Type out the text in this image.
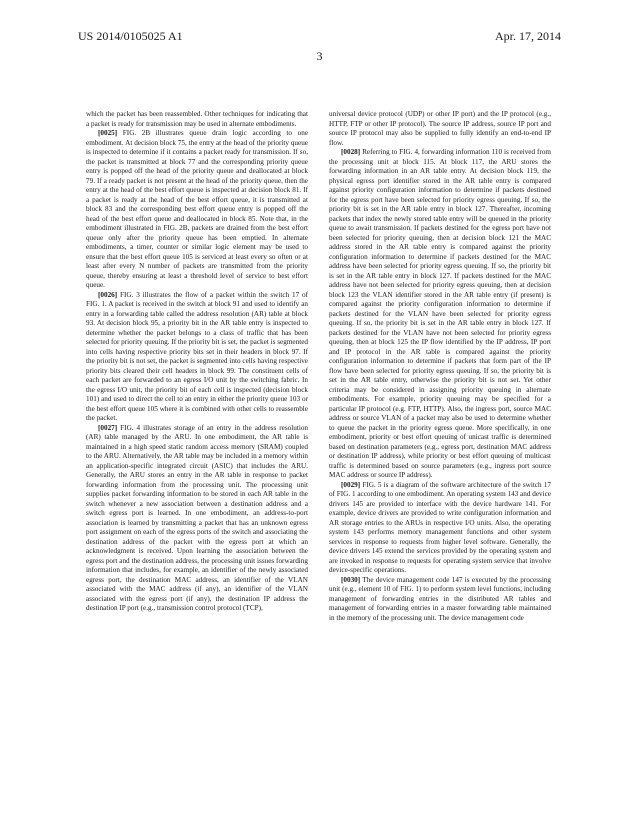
US 2014/0105025 A1	Apr. 17, 2014
3

which the packet has been reassembled. Other techniques for indicating that a packet is ready for transmission may be used in alternate embodiments.

[0025] FIG. 2B illustrates queue drain logic according to one embodiment. At decision block 75, the entry at the head of the priority queue is inspected to determine if it contains a packet ready for transmission. If so, the packet is transmitted at block 77 and the corresponding priority queue entry is popped off the head of the priority queue and deallocated at block 79. If a ready packet is not present at the head of the priority queue, then the entry at the head of the best effort queue is inspected at decision block 81. If a packet is ready at the head of the best effort queue, it is transmitted at block 83 and the corresponding best effort queue entry is popped off the head of the best effort queue and deallocated in block 85. Note that, in the embodiment illustrated in FIG. 2B, packets are drained from the best effort queue only after the priority queue has been emptied. In alternate embodiments, a timer, counter or similar logic element may be used to ensure that the best effort queue 105 is serviced at least every so often or at least after every N number of packets are transmitted from the priority queue, thereby ensuring at least a threshold level of service to best effort queue.

[0026] FIG. 3 illustrates the flow of a packet within the switch 17 of FIG. 1. A packet is received in the switch at block 91 and used to identify an entry in a forwarding table called the address resolution (AR) table at block 93. At decision block 95, a priority bit in the AR table entry is inspected to determine whether the packet belongs to a class of traffic that has been selected for priority queuing. If the priority bit is set, the packet is segmented into cells having respective priority bits set in their headers in block 97. If the priority bit is not set, the packet is segmented into cells having respective priority bits cleared their cell headers in block 99. The constituent cells of each packet are forwarded to an egress I/O unit by the switching fabric. In the egress I/O unit, the priority bit of each cell is inspected (decision block 101) and used to direct the cell to an entry in either the priority queue 103 or the best effort queue 105 where it is combined with other cells to reassemble the packet.

[0027] FIG. 4 illustrates storage of an entry in the address resolution (AR) table managed by the ARU. In one embodiment, the AR table is maintained in a high speed static random access memory (SRAM) coupled to the ARU. Alternatively, the AR table may be included in a memory within an application-specific integrated circuit (ASIC) that includes the ARU. Generally, the ARU stores an entry in the AR table in response to packet forwarding information from the processing unit. The processing unit supplies packet forwarding information to be stored in each AR table in the switch whenever a new association between a destination address and a switch egress port is learned. In one embodiment, an address-to-port association is learned by transmitting a packet that has an unknown egress port assignment on each of the egress ports of the switch and associating the destination address of the packet with the egress port at which an acknowledgment is received. Upon learning the association between the egress port and the destination address, the processing unit issues forwarding information that includes, for example, an identifier of the newly associated egress port, the destination MAC address, an identifier of the VLAN associated with the MAC address (if any), an identifier of the VLAN associated with the egress port (if any), the destination IP address the destination IP port (e.g., transmission control protocol (TCP),

universal device protocol (UDP) or other IP port) and the IP protocol (e.g., HTTP, FTP or other IP protocol). The source IP address, source IP port and source IP protocol may also be supplied to fully identify an end-to-end IP flow.

[0028] Referring to FIG. 4, forwarding information 110 is received from the processing unit at block 115. At block 117, the ARU stores the forwarding information in an AR table entry. At decision block 119, the physical egress port identifier stored in the AR table entry is compared against priority configuration information to determine if packets destined for the egress port have been selected for priority egress queuing. If so, the priority bit is set in the AR table entry in block 127. Thereafter, incoming packets that index the newly stored table entry will be queued in the priority queue to await transmission. If packets destined for the egress port have not been selected for priority queuing, then at decision block 121 the MAC address stored in the AR table entry is compared against the priority configuration information to determine if packets destined for the MAC address have been selected for priority egress queuing. If so, the priority bit is set in the AR table entry in block 127. If packets destined for the MAC address have not been selected for priority egress queuing, then at decision block 123 the VLAN identifier stored in the AR table entry (if present) is compared against the priority configuration information to determine if packets destined for the VLAN have been selected for priority egress queuing. If so, the priority bit is set in the AR table entry in block 127. If packets destined for the VLAN have not been selected for priority egress queuing, then at block 125 the IP flow identified by the IP address, IP port and IP protocol in the AR table is compared against the priority configuration information to determine if packets that form part of the IP flow have been selected for priority egress queuing. If so, the priority bit is set in the AR table entry, otherwise the priority bit is not set. Yet other criteria may be considered in assigning priority queuing in alternate embodiments. For example, priority queuing may be specified for a particular IP protocol (e.g. FTP, HTTP). Also, the ingress port, source MAC address or source VLAN of a packet may also be used to determine whether to queue the packet in the priority egress queue. More specifically, in one embodiment, priority or best effort queuing of unicast traffic is determined based on destination parameters (e.g., egress port, destination MAC address or destination IP address), while priority or best effort queuing of multicast traffic is determined based on source parameters (e.g., ingress port source MAC address or source IP address).

[0029] FIG. 5 is a diagram of the software architecture of the switch 17 of FIG. 1 according to one embodiment. An operating system 143 and device drivers 145 are provided to interface with the device hardware 141. For example, device drivers are provided to write configuration information and AR storage entries to the ARUs in respective I/O units. Also, the operating system 143 performs memory management functions and other system services in response to requests from higher level software. Generally, the device drivers 145 extend the services provided by the operating system and are invoked in response to requests for operating system service that involve device-specific operations.

[0030] The device management code 147 is executed by the processing unit (e.g., element 10 of FIG. 1) to perform system level functions, including management of forwarding entries in the distributed AR tables and management of forwarding entries in a master forwarding table maintained in the memory of the processing unit. The device management code
